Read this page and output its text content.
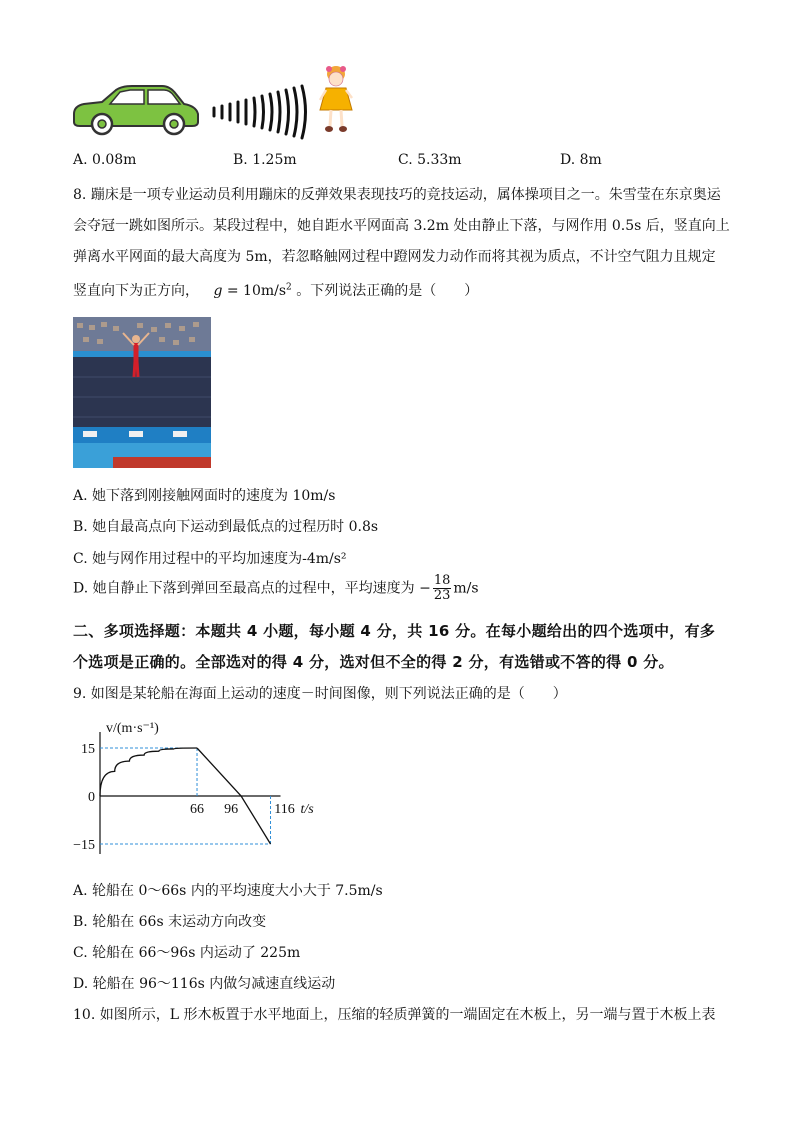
A. 0.08m	B. 1.25m	C. 5.33m	D. 8m
8. 蹦床是一项专业运动员利用蹦床的反弹效果表现技巧的竞技运动，属体操项目之一。朱雪莹在东京奥运
会夺冠一跳如图所示。某段过程中，她自距水平网面高 3.2m 处由静止下落，与网作用 0.5s 后，竖直向上
弹离水平网面的最大高度为 5m，若忽略触网过程中蹬网发力动作而将其视为质点，不计空气阻力且规定
竖直向下为正方向， $g = 10m/s^2$ 。下列说法正确的是（　　）
A. 她下落到刚接触网面时的速度为 10m/s
B. 她自最高点向下运动到最低点的过程历时 0.8s
C. 她与网作用过程中的平均加速度为-4m/s²
D. 她自静止下落到弹回至最高点的过程中，平均速度为 − $\frac{18}{23} m/s$
二、多项选择题：本题共 4 小题，每小题 4 分，共 16 分。在每小题给出的四个选项中，有多
个选项是正确的。全部选对的得 4 分，选对但不全的得 2 分，有选错或不答的得 0 分。
9. 如图是某轮船在海面上运动的速度－时间图像，则下列说法正确的是（　　）
v/(m·s⁻¹)
t/s
15
0
−15
66 96	116
A. 轮船在 0～66s 内的平均速度大小大于 7.5m/s
B. 轮船在 66s 末运动方向改变
C. 轮船在 66～96s 内运动了 225m
D. 轮船在 96～116s 内做匀减速直线运动
10. 如图所示，L 形木板置于水平地面上，压缩的轻质弹簧的一端固定在木板上，另一端与置于木板上表
